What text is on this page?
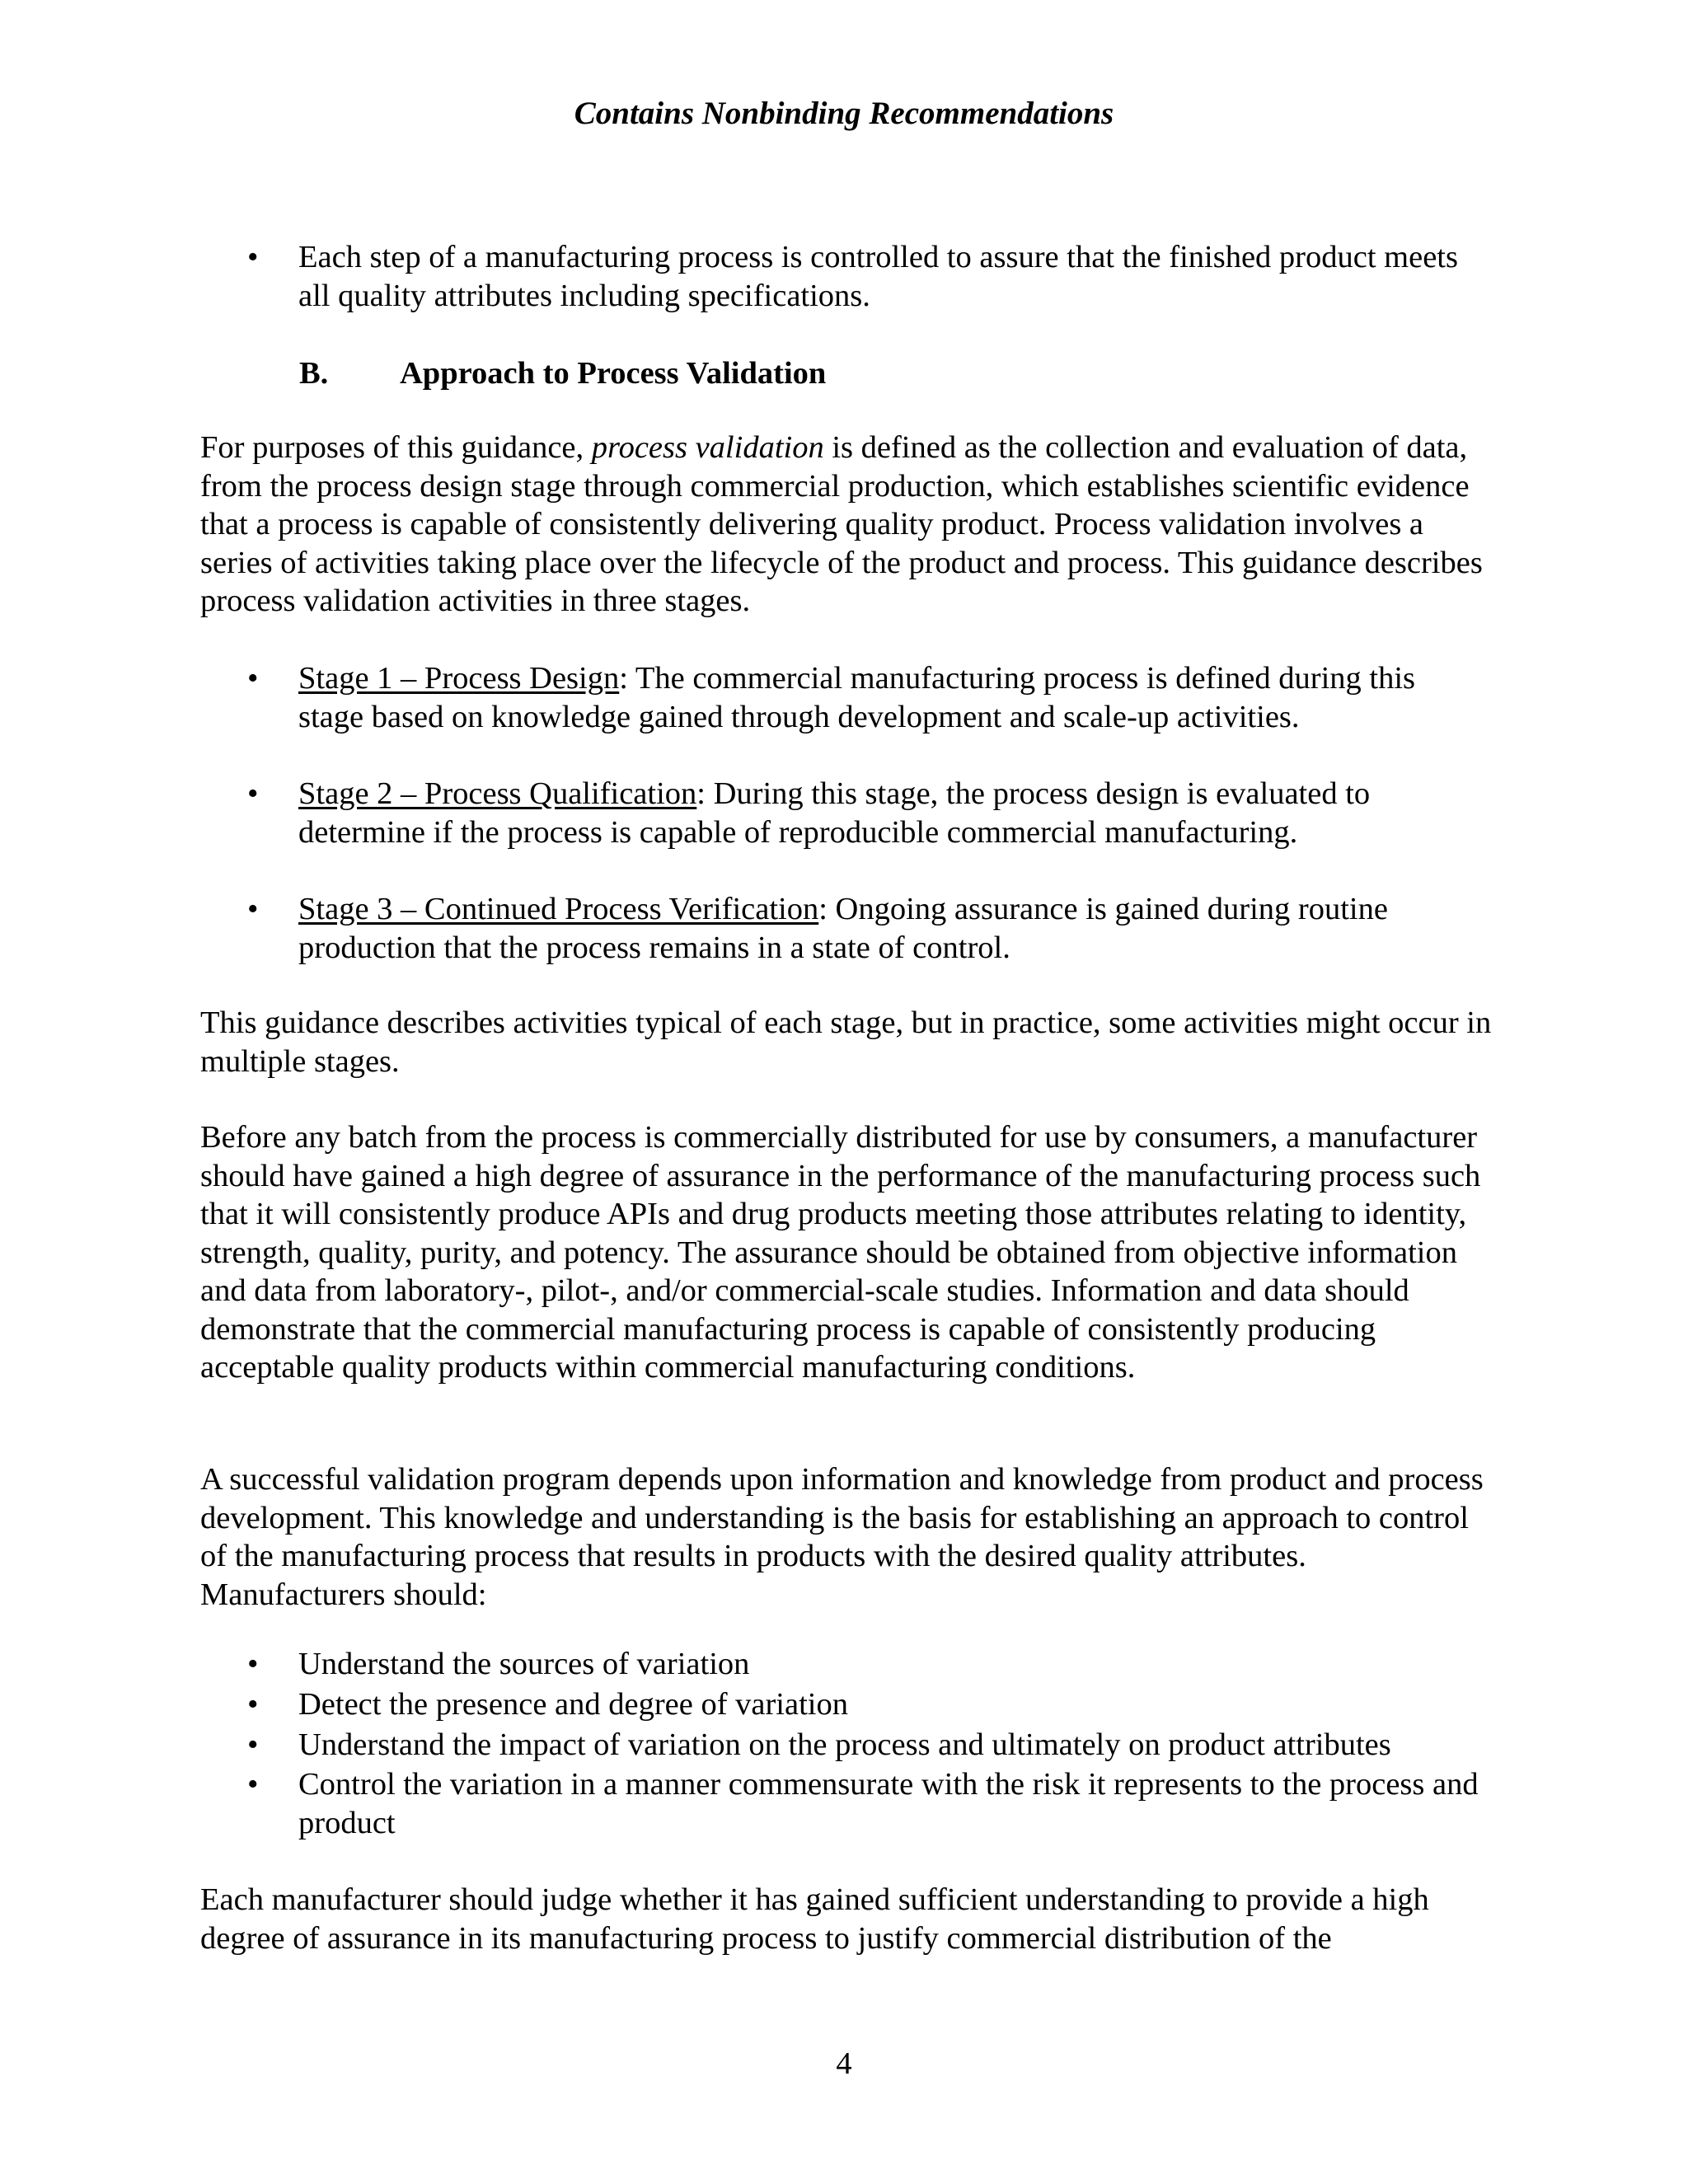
Contains Nonbinding Recommendations
•	Each step of a manufacturing process is controlled to assure that the finished product meets all quality attributes including specifications.
B. Approach to Process Validation

For purposes of this guidance, process validation is defined as the collection and evaluation of data, from the process design stage through commercial production, which establishes scientific evidence that a process is capable of consistently delivering quality product. Process validation involves a series of activities taking place over the lifecycle of the product and process. This guidance describes process validation activities in three stages.

•	Stage 1 – Process Design: The commercial manufacturing process is defined during this stage based on knowledge gained through development and scale-up activities.
•	Stage 2 – Process Qualification: During this stage, the process design is evaluated to determine if the process is capable of reproducible commercial manufacturing.
•	Stage 3 – Continued Process Verification: Ongoing assurance is gained during routine production that the process remains in a state of control.

This guidance describes activities typical of each stage, but in practice, some activities might occur in multiple stages.

Before any batch from the process is commercially distributed for use by consumers, a manufacturer should have gained a high degree of assurance in the performance of the manufacturing process such that it will consistently produce APIs and drug products meeting those attributes relating to identity, strength, quality, purity, and potency. The assurance should be obtained from objective information and data from laboratory-, pilot-, and/or commercial-scale studies. Information and data should demonstrate that the commercial manufacturing process is capable of consistently producing acceptable quality products within commercial manufacturing conditions.

A successful validation program depends upon information and knowledge from product and process development. This knowledge and understanding is the basis for establishing an approach to control of the manufacturing process that results in products with the desired quality attributes. Manufacturers should:

• Understand the sources of variation
• Detect the presence and degree of variation
• Understand the impact of variation on the process and ultimately on product attributes
• Control the variation in a manner commensurate with the risk it represents to the process and product

Each manufacturer should judge whether it has gained sufficient understanding to provide a high degree of assurance in its manufacturing process to justify commercial distribution of the

4
